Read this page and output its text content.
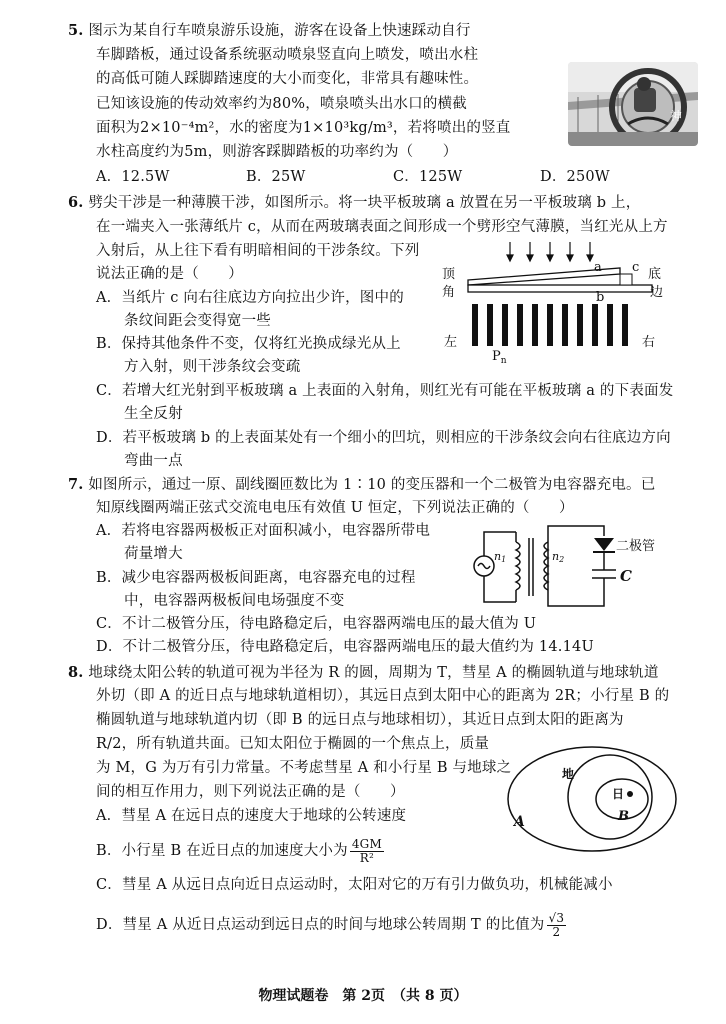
5. 图示为某自行车喷泉游乐设施，游客在设备上快速踩动自行
车脚踏板，通过设备系统驱动喷泉竖直向上喷发，喷出水柱
的高低可随人踩脚踏速度的大小而变化，非常具有趣味性。
已知该设施的传动效率约为80%，喷泉喷头出水口的横截
面积为2×10⁻⁴m²，水的密度为1×10³kg/m³，若将喷出的竖直
水柱高度约为5m，则游客踩脚踏板的功率约为（　　）
A．12.5W	B．25W	C．125W	D．250W
神
6. 劈尖干涉是一种薄膜干涉，如图所示。将一块平板玻璃 a 放置在另一平板玻璃 b 上，
在一端夹入一张薄纸片 c，从而在两玻璃表面之间形成一个劈形空气薄膜，当红光从上方
入射后，从上往下看有明暗相间的干涉条纹。下列
说法正确的是（　　）
A．当纸片 c 向右往底边方向拉出少许，图中的
条纹间距会变得宽一些
B．保持其他条件不变，仅将红光换成绿光从上
方入射，则干涉条纹会变疏
C．若增大红光射到平板玻璃 a 上表面的入射角，则红光有可能在平板玻璃 a 的下表面发
生全反射
D．若平板玻璃 b 的上表面某处有一个细小的凹坑，则相应的干涉条纹会向右往底边方向
弯曲一点
顶
角
底
边
a c
b
左	右
$P_n$
7. 如图所示，通过一原、副线圈匝数比为 1∶10 的变压器和一个二极管为电容器充电。已
知原线圈两端正弦式交流电电压有效值 U 恒定，下列说法正确的（　　）
A．若将电容器两极板正对面积减小，电容器所带电
荷量增大
B．减少电容器两极板间距离，电容器充电的过程
中，电容器两极板间电场强度不变
C．不计二极管分压，待电路稳定后，电容器两端电压的最大值为 U
D．不计二极管分压，待电路稳定后，电容器两端电压的最大值约为 14.14U
n1	n2
二极管
C
8. 地球绕太阳公转的轨道可视为半径为 R 的圆，周期为 T，彗星 A 的椭圆轨道与地球轨道
外切（即 A 的近日点与地球轨道相切），其远日点到太阳中心的距离为 2R；小行星 B 的
椭圆轨道与地球轨道内切（即 B 的远日点与地球相切），其近日点到太阳的距离为
R/2，所有轨道共面。已知太阳位于椭圆的一个焦点上，质量
为 M，G 为万有引力常量。不考虑彗星 A 和小行星 B 与地球之
间的相互作用力，则下列说法正确的是（　　）
A．彗星 A 在远日点的速度大于地球的公转速度
B．小行星 B 在近日点的加速度大小为 $\frac{4GM}{\text{R²}}$
C．彗星 A 从远日点向近日点运动时，太阳对它的万有引力做负功，机械能减小
D．彗星 A 从近日点运动到远日点的时间与地球公转周期 T 的比值为 $\frac{√3}{2}$
地
日
A	B
物理试题卷　第 2页　（共 8 页）
